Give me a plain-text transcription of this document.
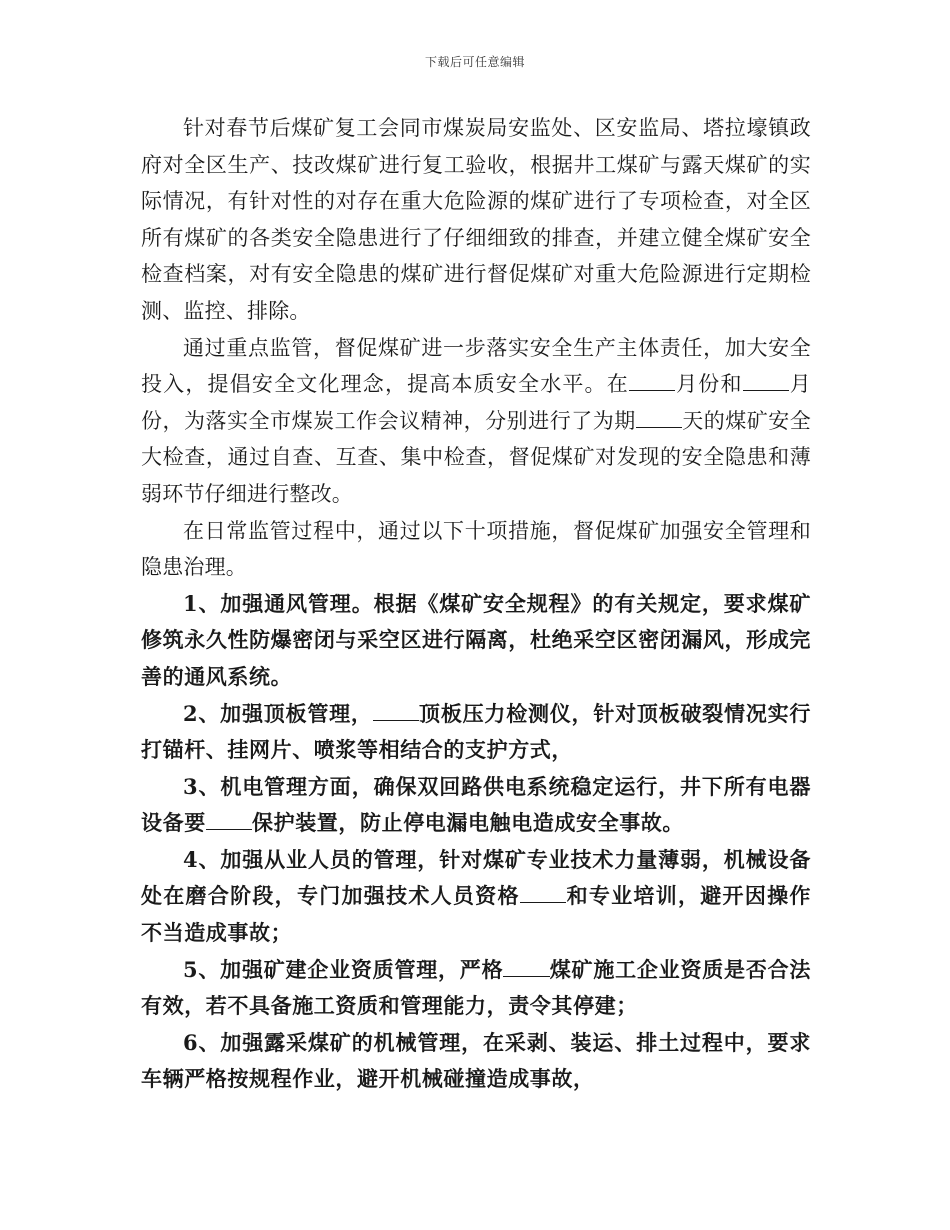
下载后可任意编辑

针对春节后煤矿复工会同市煤炭局安监处、区安监局、塔拉壕镇政府对全区生产、技改煤矿进行复工验收，根据井工煤矿与露天煤矿的实际情况，有针对性的对存在重大危险源的煤矿进行了专项检查，对全区所有煤矿的各类安全隐患进行了仔细细致的排查，并建立健全煤矿安全检查档案，对有安全隐患的煤矿进行督促煤矿对重大危险源进行定期检测、监控、排除。

通过重点监管，督促煤矿进一步落实安全生产主体责任，加大安全投入，提倡安全文化理念，提高本质安全水平。在 月份和 月份，为落实全市煤炭工作会议精神，分别进行了为期 天的煤矿安全大检查，通过自查、互查、集中检查，督促煤矿对发现的安全隐患和薄弱环节仔细进行整改。

在日常监管过程中，通过以下十项措施，督促煤矿加强安全管理和隐患治理。

1、加强通风管理。根据《煤矿安全规程》的有关规定，要求煤矿修筑永久性防爆密闭与采空区进行隔离，杜绝采空区密闭漏风，形成完善的通风系统。

2、加强顶板管理， 顶板压力检测仪，针对顶板破裂情况实行打锚杆、挂网片、喷浆等相结合的支护方式，

3、机电管理方面，确保双回路供电系统稳定运行，井下所有电器设备要 保护装置，防止停电漏电触电造成安全事故。

4、加强从业人员的管理，针对煤矿专业技术力量薄弱，机械设备处在磨合阶段，专门加强技术人员资格 和专业培训，避开因操作不当造成事故；

5、加强矿建企业资质管理，严格 煤矿施工企业资质是否合法有效，若不具备施工资质和管理能力，责令其停建；

6、加强露采煤矿的机械管理，在采剥、装运、排土过程中，要求车辆严格按规程作业，避开机械碰撞造成事故，
